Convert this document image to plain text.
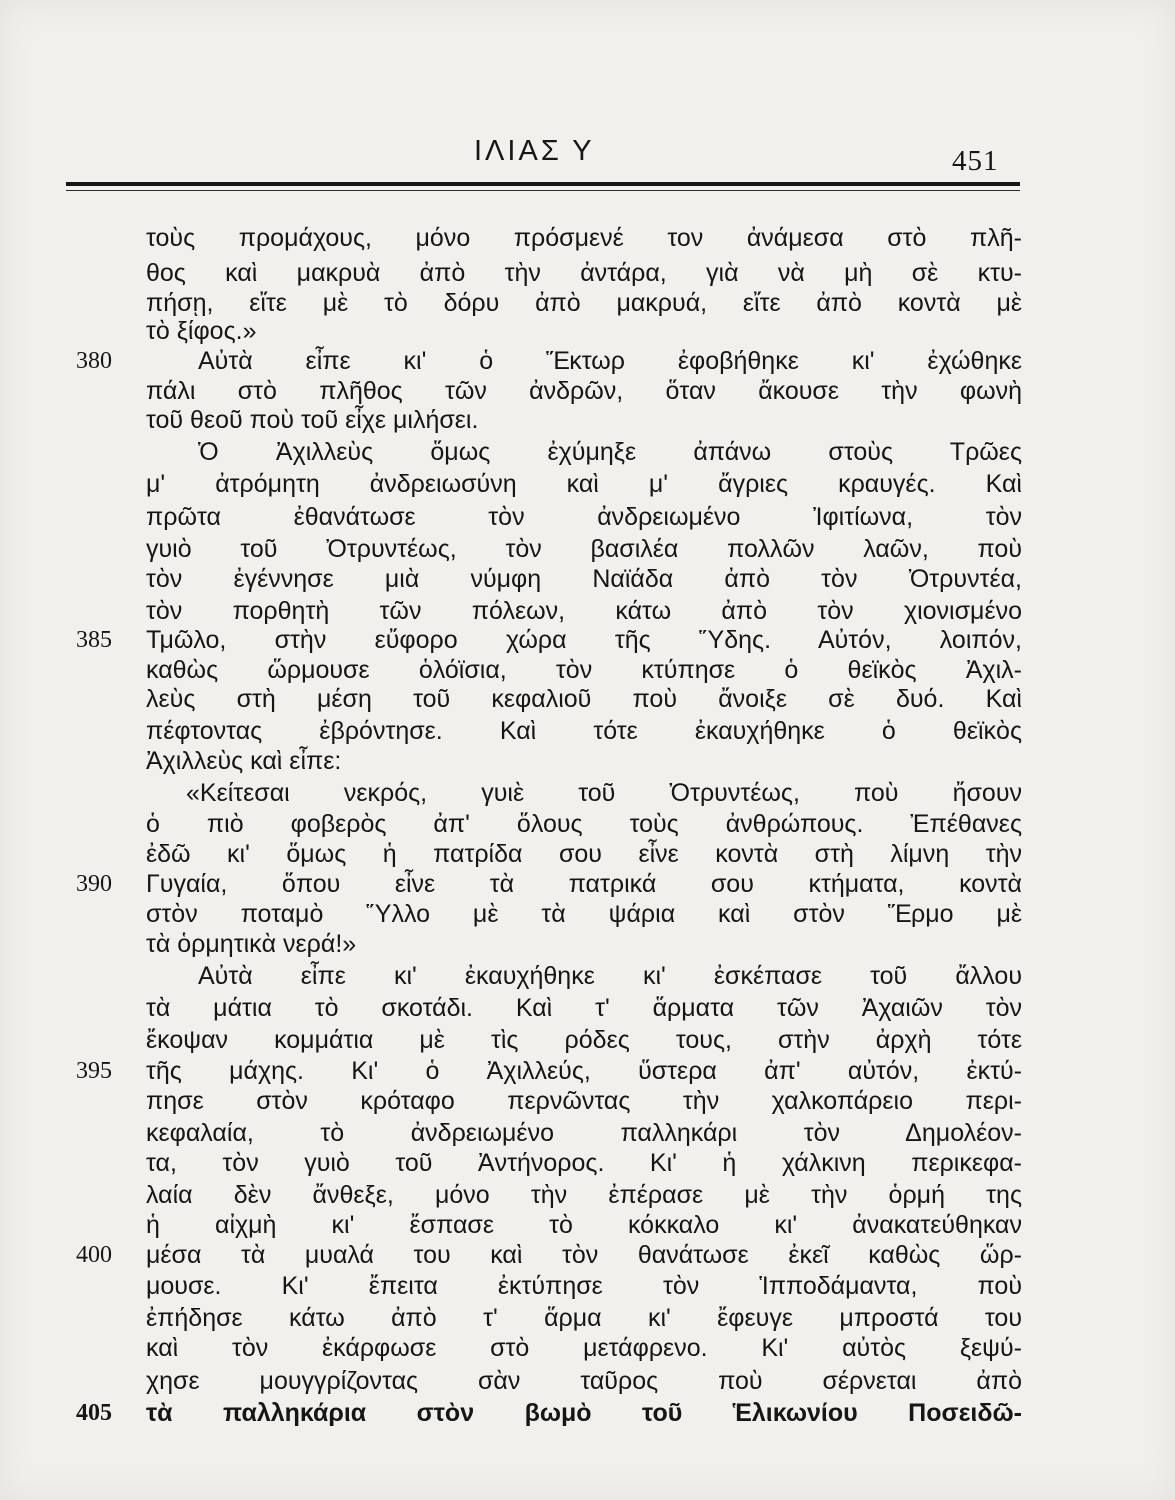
ΙΛΙΑΣ Υ	451
τοὺς προμάχους, μόνο πρόσμενέ τον ἀνάμεσα στὸ πλῆ-
θος καὶ μακρυὰ ἀπὸ τὴν ἀντάρα, γιὰ νὰ μὴ σὲ κτυ-
πήσῃ, εἴτε μὲ τὸ δόρυ ἀπὸ μακρυά, εἴτε ἀπὸ κοντὰ μὲ
τὸ ξίφος.»
380	Αὐτὰ εἶπε κι' ὁ Ἕκτωρ ἐφοβήθηκε κι' ἐχώθηκε
πάλι στὸ πλῆθος τῶν ἀνδρῶν, ὅταν ἄκουσε τὴν φωνὴ
τοῦ θεοῦ ποὺ τοῦ εἶχε μιλήσει.
Ὁ Ἀχιλλεὺς ὅμως ἐχύμηξε ἀπάνω στοὺς Τρῶες
μ' ἀτρόμητη ἀνδρειωσύνη καὶ μ' ἄγριες κραυγές. Καὶ
πρῶτα ἐθανάτωσε τὸν ἀνδρειωμένο Ἰφιτίωνα, τὸν
γυιὸ τοῦ Ὀτρυντέως, τὸν βασιλέα πολλῶν λαῶν, ποὺ
τὸν ἐγέννησε μιὰ νύμφη Ναϊάδα ἀπὸ τὸν Ὀτρυντέα,
τὸν πορθητὴ τῶν πόλεων, κάτω ἀπὸ τὸν χιονισμένο
385 Τμῶλο, στὴν εὔφορο χώρα τῆς Ὕδης. Αὐτόν, λοιπόν,
καθὼς ὥρμουσε ὁλόϊσια, τὸν κτύπησε ὁ θεϊκὸς Ἀχιλ-
λεὺς στὴ μέση τοῦ κεφαλιοῦ ποὺ ἄνοιξε σὲ δυό. Καὶ
πέφτοντας ἐβρόντησε. Καὶ τότε ἐκαυχήθηκε ὁ θεϊκὸς
Ἀχιλλεὺς καὶ εἶπε:
«Κείτεσαι νεκρός, γυιὲ τοῦ Ὀτρυντέως, ποὺ ἤσουν
ὁ πιὸ φοβερὸς ἀπ' ὅλους τοὺς ἀνθρώπους. Ἐπέθανες
ἐδῶ κι' ὅμως ἡ πατρίδα σου εἶνε κοντὰ στὴ λίμνη τὴν
390 Γυγαία, ὅπου εἶνε τὰ πατρικά σου κτήματα, κοντὰ
στὸν ποταμὸ Ὕλλο μὲ τὰ ψάρια καὶ στὸν Ἕρμο μὲ
τὰ ὁρμητικὰ νερά!»
Αὐτὰ εἶπε κι' ἐκαυχήθηκε κι' ἐσκέπασε τοῦ ἄλλου
τὰ μάτια τὸ σκοτάδι. Καὶ τ' ἅρματα τῶν Ἀχαιῶν τὸν
ἔκοψαν κομμάτια μὲ τὶς ρόδες τους, στὴν ἀρχὴ τότε
395 τῆς μάχης. Κι' ὁ Ἀχιλλεύς, ὕστερα ἀπ' αὐτόν, ἐκτύ-
πησε στὸν κρόταφο περνῶντας τὴν χαλκοπάρειο περι-
κεφαλαία, τὸ ἀνδρειωμένο παλληκάρι τὸν Δημολέον-
τα, τὸν γυιὸ τοῦ Ἀντήνορος. Κι' ἡ χάλκινη περικεφα-
λαία δὲν ἄνθεξε, μόνο τὴν ἐπέρασε μὲ τὴν ὁρμή της
ἡ αἰχμὴ κι' ἔσπασε τὸ κόκκαλο κι' ἀνακατεύθηκαν
400 μέσα τὰ μυαλά του καὶ τὸν θανάτωσε ἐκεῖ καθὼς ὥρ-
μουσε. Κι' ἔπειτα ἐκτύπησε τὸν Ἱπποδάμαντα, ποὺ
ἐπήδησε κάτω ἀπὸ τ' ἅρμα κι' ἔφευγε μπροστά του
καὶ τὸν ἐκάρφωσε στὸ μετάφρενο. Κι' αὐτὸς ξεψύ-
χησε μουγγρίζοντας σὰν ταῦρος ποὺ σέρνεται ἀπὸ
405 τὰ παλληκάρια στὸν βωμὸ τοῦ Ἑλικωνίου Ποσειδῶ-
